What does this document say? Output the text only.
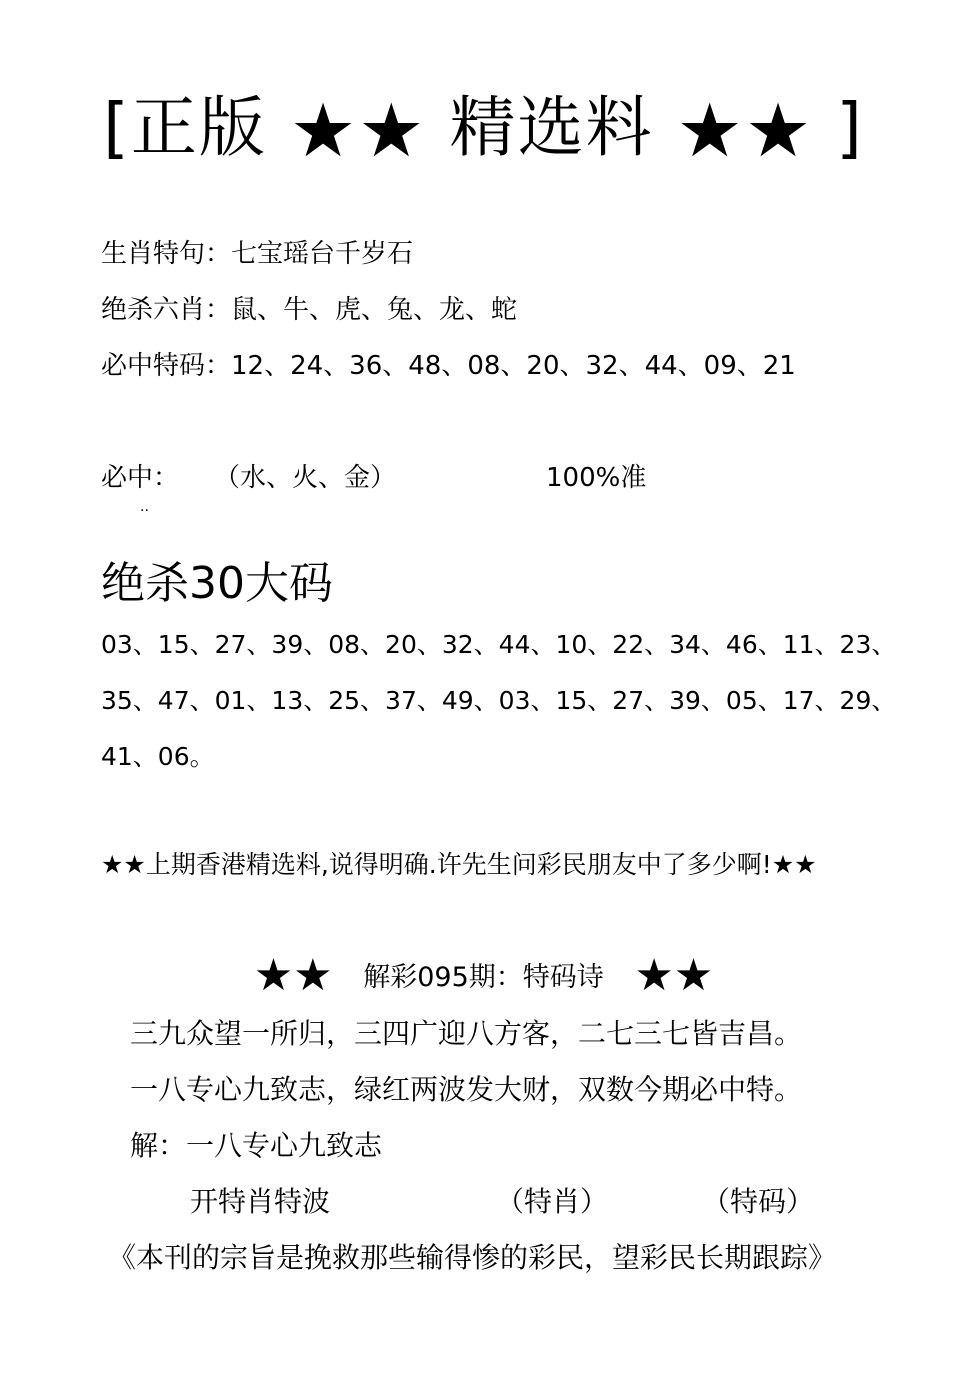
[正版 ★★ 精选料 ★★ ]
生肖特句：七宝瑶台千岁石
绝杀六肖：鼠、牛、虎、兔、龙、蛇
必中特码：12、24、36、48、08、20、32、44、09、21
必中： （水、火、金）	100%准
··
绝杀30大码
03、15、27、39、08、20、32、44、10、22、34、46、11、23、
35、47、01、13、25、37、49、03、15、27、39、05、17、29、
41、06。
★★上期香港精选料,说得明确.许先生问彩民朋友中了多少啊!★★
★★ 解彩095期：特码诗 ★★
三九众望一所归，三四广迎八方客，二七三七皆吉昌。
一八专心九致志，绿红两波发大财，双数今期必中特。
解：一八专心九致志
开特肖特波	（特肖）	（特码）
《本刊的宗旨是挽救那些输得惨的彩民，望彩民长期跟踪》
